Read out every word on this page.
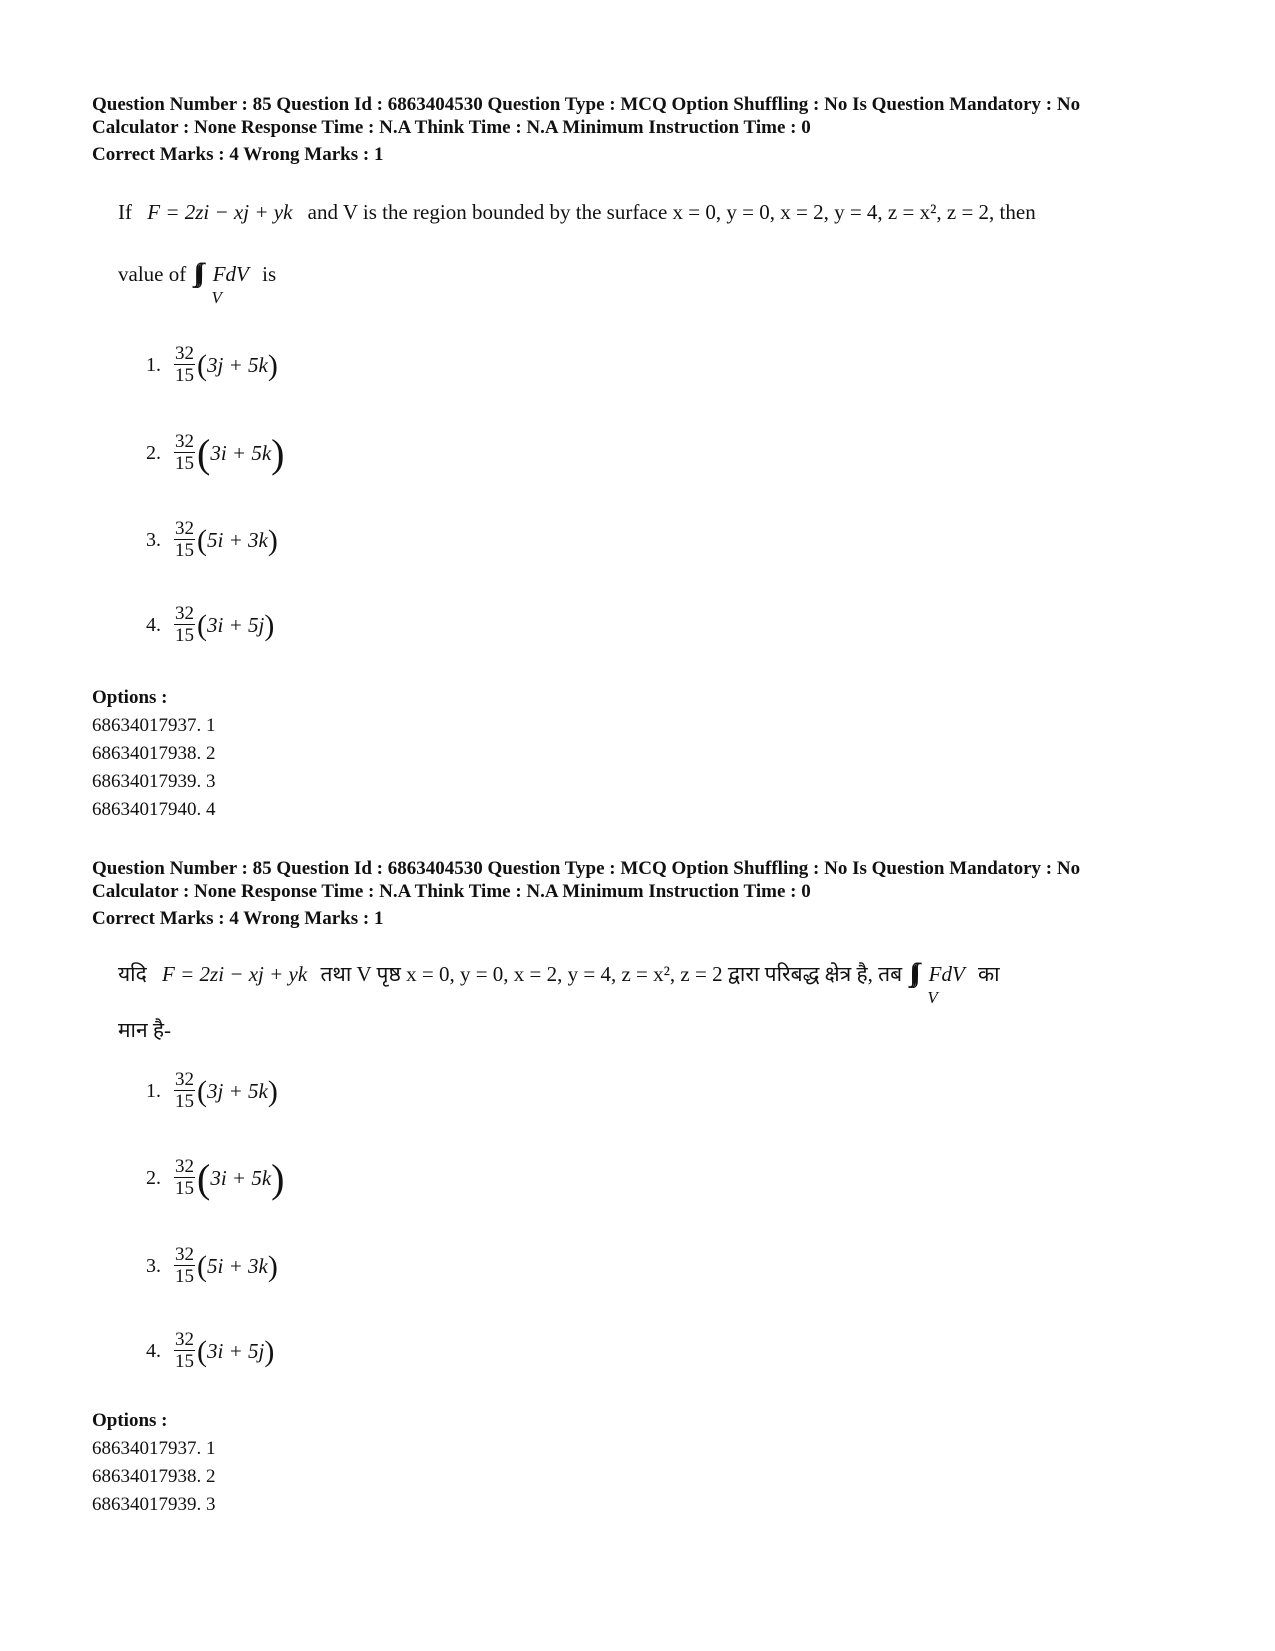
Question Number : 85 Question Id : 6863404530 Question Type : MCQ Option Shuffling : No Is Question Mandatory : No
Calculator : None Response Time : N.A Think Time : N.A Minimum Instruction Time : 0
Correct Marks : 4 Wrong Marks : 1
If F = 2zi − xj + yk and V is the region bounded by the surface x = 0, y = 0, x = 2, y = 4, z = x², z = 2, then
value of
V
FdV is
1. $\frac{32}{15}$ ( 3j + 5k )
2. $\frac{32}{15}$ ( 3i + 5k )
3. $\frac{32}{15}$ ( 5i + 3k )
4. $\frac{32}{15}$ ( 3i + 5j )
Options :
68634017937. 1
68634017938. 2
68634017939. 3
68634017940. 4
Question Number : 85 Question Id : 6863404530 Question Type : MCQ Option Shuffling : No Is Question Mandatory : No
Calculator : None Response Time : N.A Think Time : N.A Minimum Instruction Time : 0
Correct Marks : 4 Wrong Marks : 1
यदि F = 2zi − xj + yk तथा V पृष्ठ x = 0, y = 0, x = 2, y = 4, z = x², z = 2 द्वारा परिबद्ध क्षेत्र है, तब
V
FdV का
मान है-
1. $\frac{32}{15}$ ( 3j + 5k )
2. $\frac{32}{15}$ ( 3i + 5k )
3. $\frac{32}{15}$ ( 5i + 3k )
4. $\frac{32}{15}$ ( 3i + 5j )
Options :
68634017937. 1
68634017938. 2
68634017939. 3
